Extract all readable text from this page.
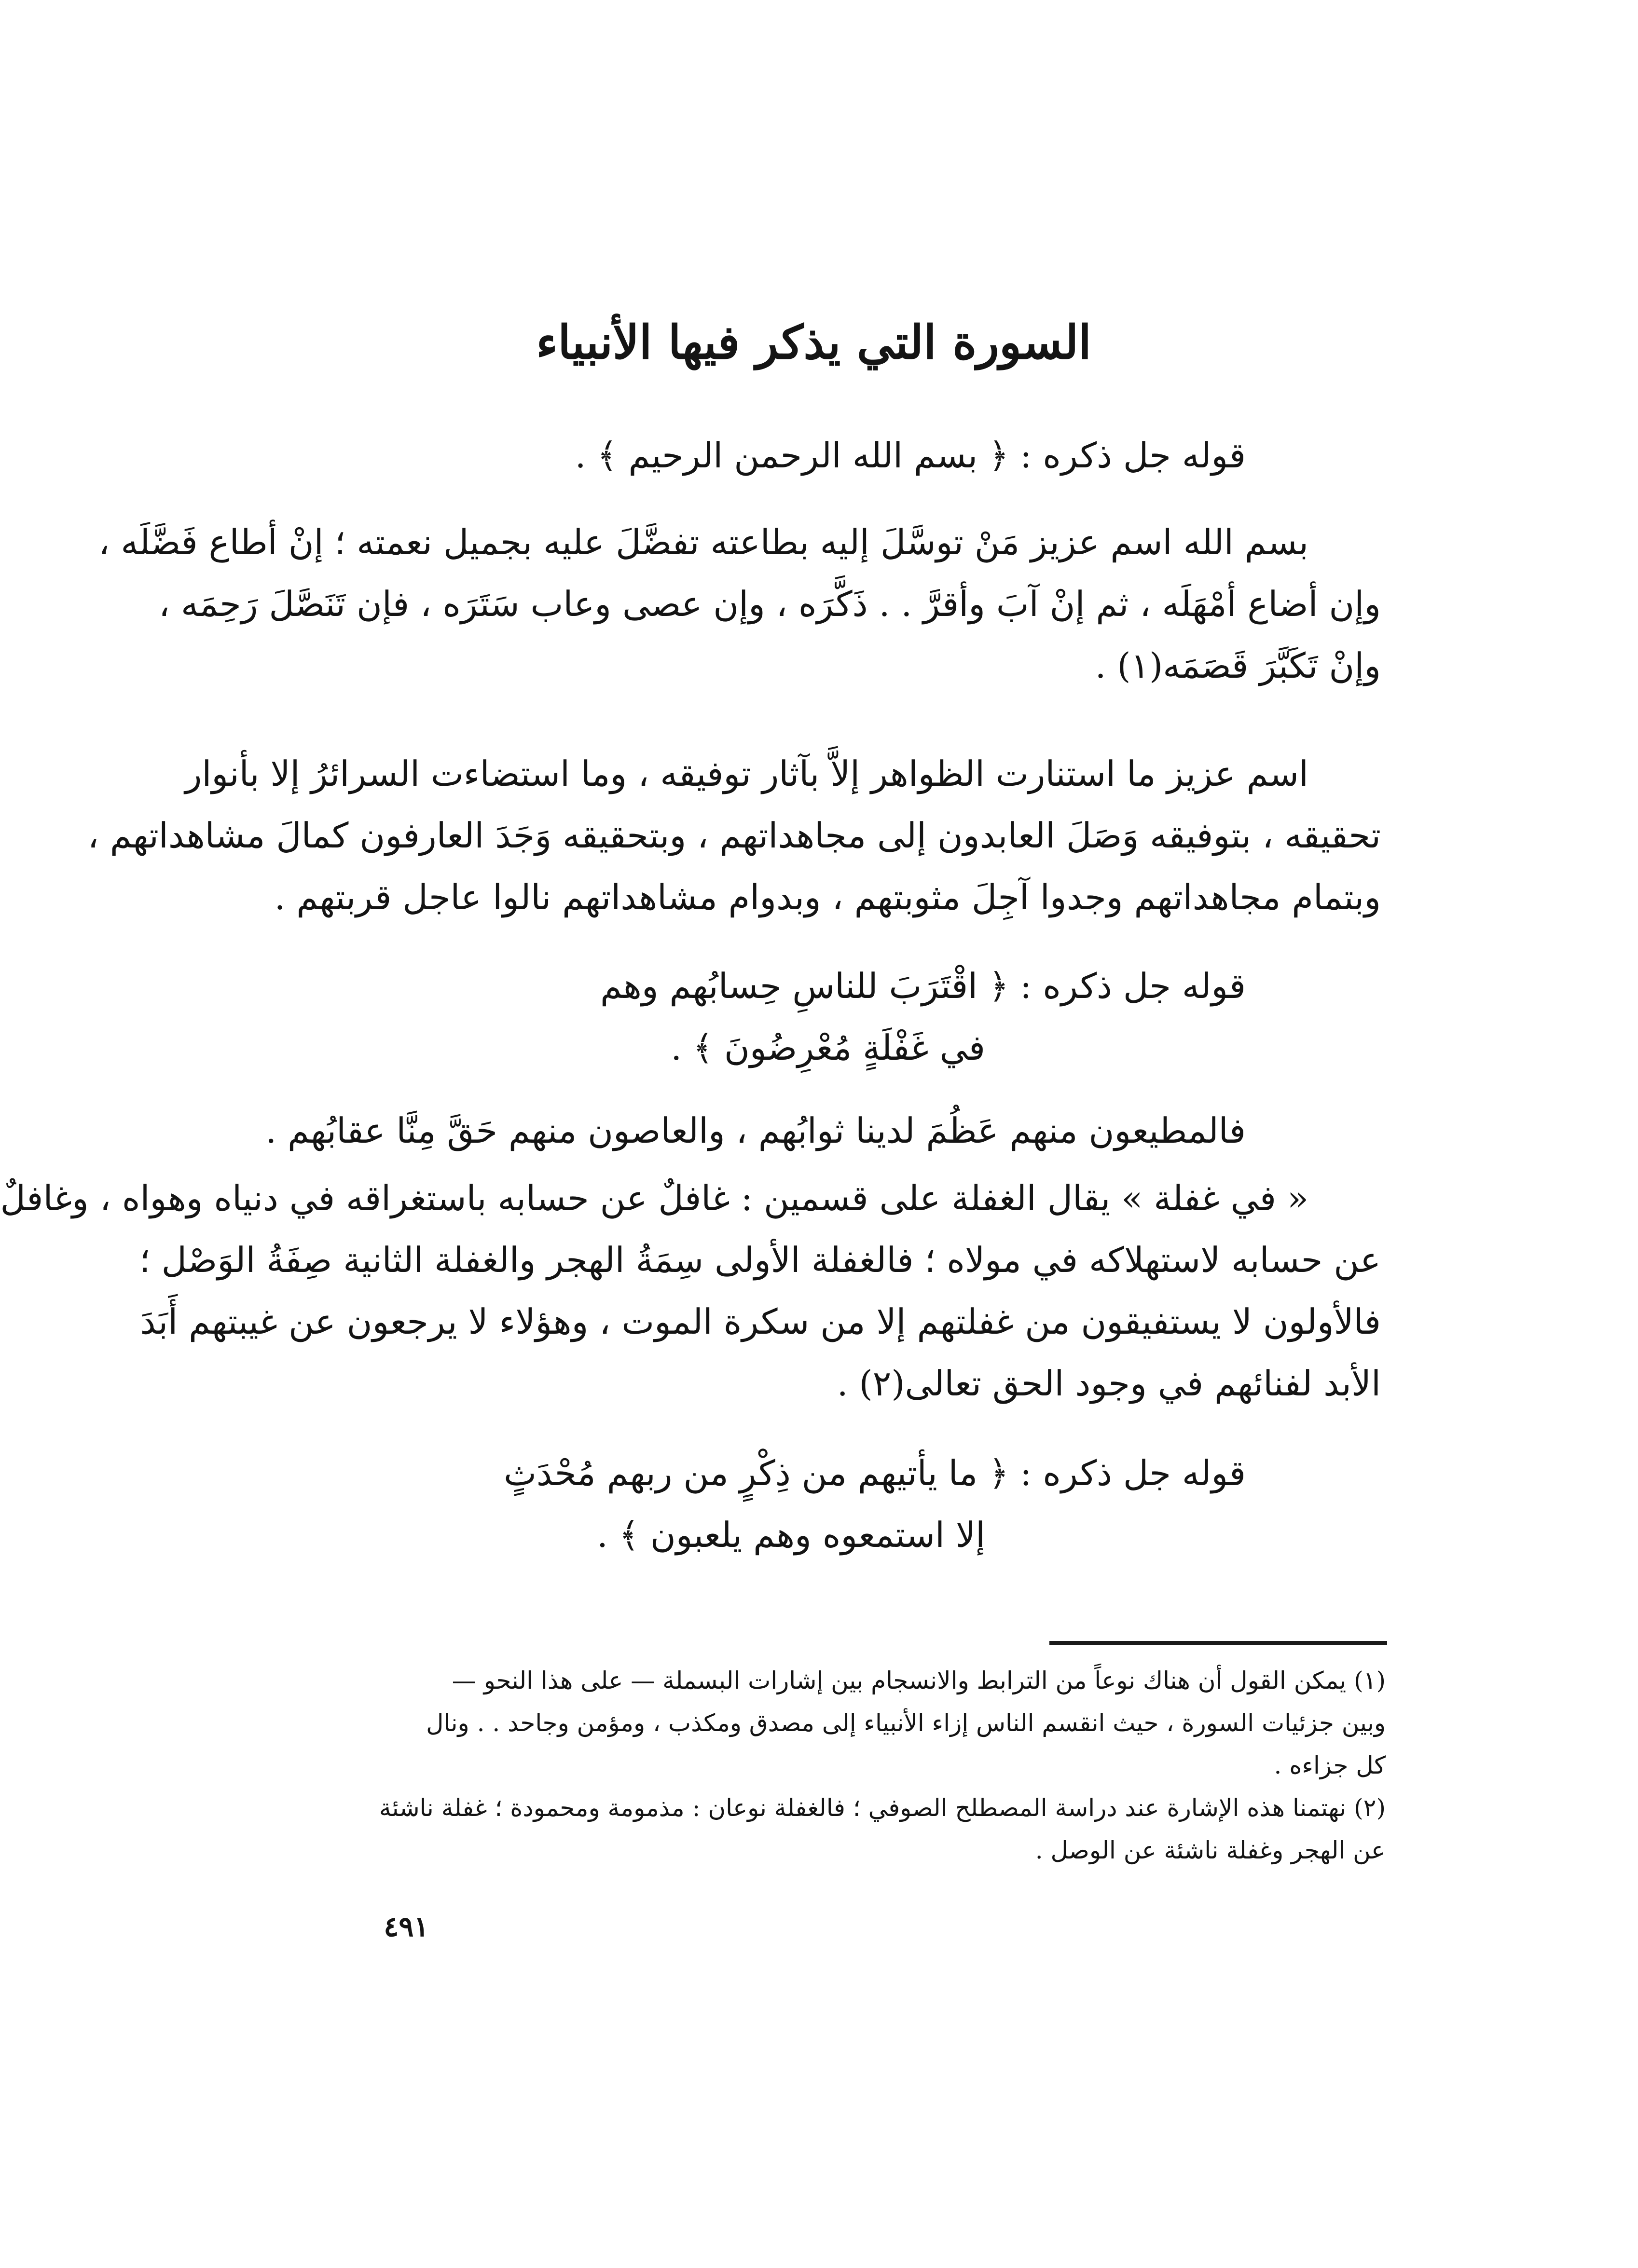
السورة التي يذكر فيها الأنبياء
قوله جل ذكره : ﴿ بسم الله الرحمن الرحيم ﴾ .
بسم الله اسم عزيز مَنْ توسَّلَ إليه بطاعته تفضَّلَ عليه بجميل نعمته ؛ إنْ أطاع فَضَّلَه ،
وإن أضاع أمْهَلَه ، ثم إنْ آبَ وأقرَّ . . ذَكَّرَه ، وإن عصى وعاب سَتَرَه ، فإن تَنَصَّلَ رَحِمَه ،
وإنْ تَكَبَّرَ قَصَمَه(١) .
اسم عزيز ما استنارت الظواهر إلاَّ بآثار توفيقه ، وما استضاءت السرائرُ إلا بأنوار
تحقيقه ، بتوفيقه وَصَلَ العابدون إلى مجاهداتهم ، وبتحقيقه وَجَدَ العارفون كمالَ مشاهداتهم ،
وبتمام مجاهداتهم وجدوا آجِلَ مثوبتهم ، وبدوام مشاهداتهم نالوا عاجل قربتهم .
قوله جل ذكره : ﴿ اقْتَرَبَ للناسِ حِسابُهم وهم
في غَفْلَةٍ مُعْرِضُونَ ﴾ .
فالمطيعون منهم عَظُمَ لدينا ثوابُهم ، والعاصون منهم حَقَّ مِنَّا عقابُهم .
« في غفلة » يقال الغفلة على قسمين : غافلٌ عن حسابه باستغراقه في دنياه وهواه ، وغافلٌ
عن حسابه لاستهلاكه في مولاه ؛ فالغفلة الأولى سِمَةُ الهجر والغفلة الثانية صِفَةُ الوَصْل ؛
فالأولون لا يستفيقون من غفلتهم إلا من سكرة الموت ، وهؤلاء لا يرجعون عن غيبتهم أَبَدَ
الأبد لفنائهم في وجود الحق تعالى(٢) .
قوله جل ذكره : ﴿ ما يأتيهم من ذِكْرٍ من ربهم مُحْدَثٍ
إلا استمعوه وهم يلعبون ﴾ .
(١) يمكن القول أن هناك نوعاً من الترابط والانسجام بين إشارات البسملة — على هذا النحو —
وبين جزئيات السورة ، حيث انقسم الناس إزاء الأنبياء إلى مصدق ومكذب ، ومؤمن وجاحد . . ونال
كل جزاءه .
(٢) نهتمنا هذه الإشارة عند دراسة المصطلح الصوفي ؛ فالغفلة نوعان : مذمومة ومحمودة ؛ غفلة ناشئة
عن الهجر وغفلة ناشئة عن الوصل .
٤٩١
